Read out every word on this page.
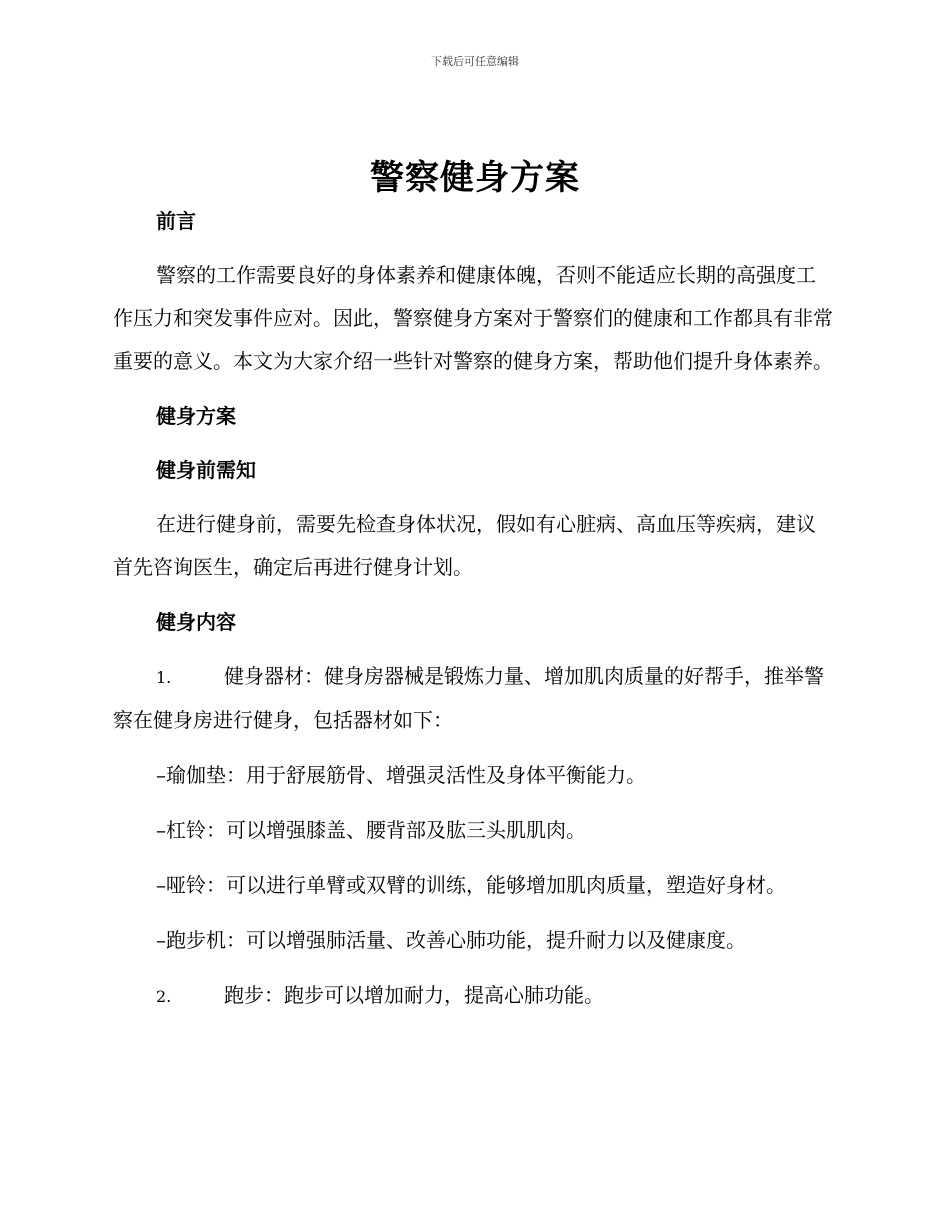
下载后可任意编辑
警察健身方案

前言

警察的工作需要良好的身体素养和健康体魄，否则不能适应长期的高强度工作压力和突发事件应对。因此，警察健身方案对于警察们的健康和工作都具有非常重要的意义。本文为大家介绍一些针对警察的健身方案，帮助他们提升身体素养。

健身方案

健身前需知

在进行健身前，需要先检查身体状况，假如有心脏病、高血压等疾病，建议首先咨询医生，确定后再进行健身计划。

健身内容

1.	健身器材：健身房器械是锻炼力量、增加肌肉质量的好帮手，推举警察在健身房进行健身，包括器材如下：

–瑜伽垫：用于舒展筋骨、增强灵活性及身体平衡能力。

–杠铃：可以增强膝盖、腰背部及肱三头肌肌肉。

–哑铃：可以进行单臂或双臂的训练，能够增加肌肉质量，塑造好身材。

–跑步机：可以增强肺活量、改善心肺功能，提升耐力以及健康度。

2.	跑步：跑步可以增加耐力，提高心肺功能。
